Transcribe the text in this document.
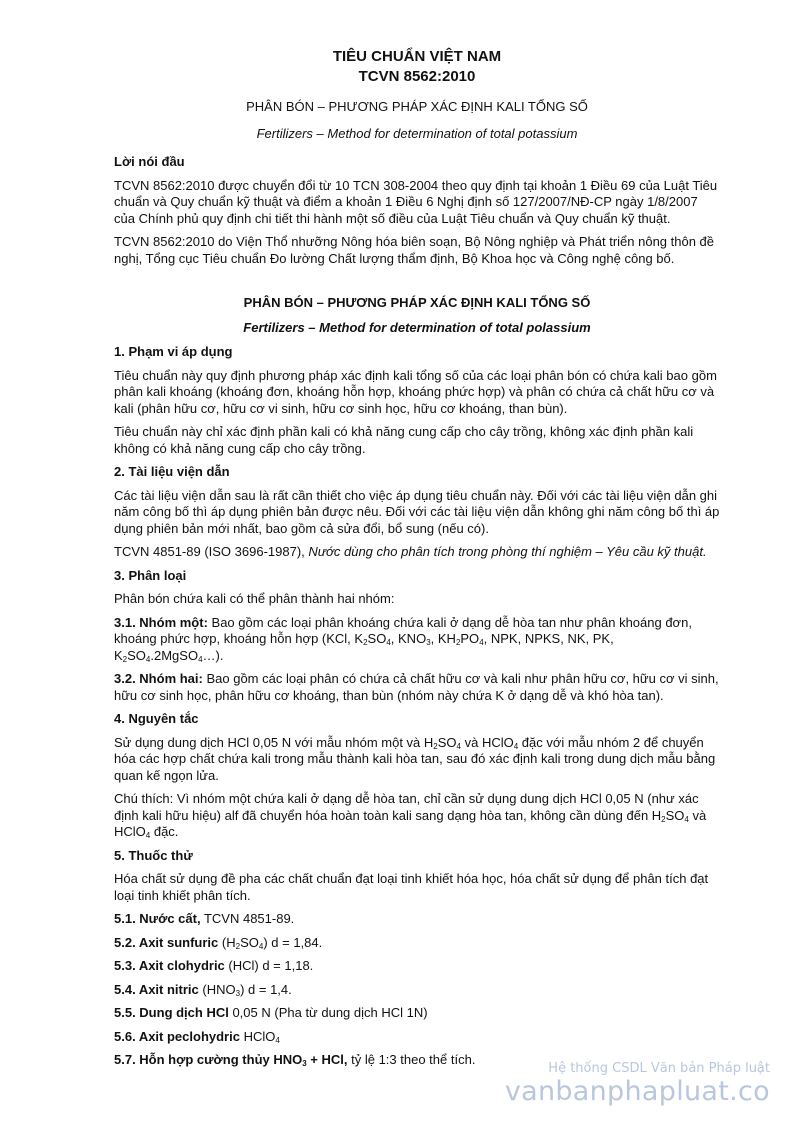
TIÊU CHUẨN VIỆT NAM
TCVN 8562:2010
PHÂN BÓN – PHƯƠNG PHÁP XÁC ĐỊNH KALI TỔNG SỐ
Fertilizers – Method for determination of total potassium
Lời nói đầu

TCVN 8562:2010 được chuyển đổi từ 10 TCN 308-2004 theo quy định tại khoản 1 Điều 69 của Luật Tiêu chuẩn và Quy chuẩn kỹ thuật và điểm a khoản 1 Điều 6 Nghị định số 127/2007/NĐ-CP ngày 1/8/2007 của Chính phủ quy định chi tiết thi hành một số điều của Luật Tiêu chuẩn và Quy chuẩn kỹ thuật.

TCVN 8562:2010 do Viện Thổ nhưỡng Nông hóa biên soạn, Bộ Nông nghiệp và Phát triển nông thôn đề nghị, Tổng cục Tiêu chuẩn Đo lường Chất lượng thẩm định, Bộ Khoa học và Công nghệ công bố.

PHÂN BÓN – PHƯƠNG PHÁP XÁC ĐỊNH KALI TỔNG SỐ
Fertilizers – Method for determination of total polassium
1. Phạm vi áp dụng

Tiêu chuẩn này quy định phương pháp xác định kali tổng số của các loại phân bón có chứa kali bao gồm phân kali khoáng (khoáng đơn, khoáng hỗn hợp, khoáng phức hợp) và phân có chứa cả chất hữu cơ và kali (phân hữu cơ, hữu cơ vi sinh, hữu cơ sinh học, hữu cơ khoáng, than bùn).

Tiêu chuẩn này chỉ xác định phần kali có khả năng cung cấp cho cây trồng, không xác định phần kali không có khả năng cung cấp cho cây trồng.

2. Tài liệu viện dẫn

Các tài liệu viện dẫn sau là rất cần thiết cho việc áp dụng tiêu chuẩn này. Đối với các tài liệu viện dẫn ghi năm công bố thì áp dụng phiên bản được nêu. Đối với các tài liệu viện dẫn không ghi năm công bố thì áp dụng phiên bản mới nhất, bao gồm cả sửa đổi, bổ sung (nếu có).

TCVN 4851-89 (ISO 3696-1987), Nước dùng cho phân tích trong phòng thí nghiệm – Yêu cầu kỹ thuật.

3. Phân loại

Phân bón chứa kali có thể phân thành hai nhóm:

3.1. Nhóm một: Bao gồm các loại phân khoáng chứa kali ở dạng dễ hòa tan như phân khoáng đơn, khoáng phức hợp, khoáng hỗn hợp (KCl, $K_2SO_4$, $KNO_3$, $KH_2PO_4$, NPK, NPKS, NK, PK, $K_2SO_4.2MgSO_4\dots$).

3.2. Nhóm hai: Bao gồm các loại phân có chứa cả chất hữu cơ và kali như phân hữu cơ, hữu cơ vi sinh, hữu cơ sinh học, phân hữu cơ khoáng, than bùn (nhóm này chứa K ở dạng dễ và khó hòa tan).

4. Nguyên tắc

Sử dụng dung dịch HCl 0,05 N với mẫu nhóm một và $H_2SO_4$ và HClO$_4$ đặc với mẫu nhóm 2 để chuyển hóa các hợp chất chứa kali trong mẫu thành kali hòa tan, sau đó xác định kali trong dung dịch mẫu bằng quan kế ngọn lửa.

Chú thích: Vì nhóm một chứa kali ở dạng dễ hòa tan, chỉ cần sử dụng dung dịch HCl 0,05 N (như xác định kali hữu hiệu) alf đã chuyển hóa hoàn toàn kali sang dạng hòa tan, không cần dùng đến $H_2SO_4$ và HClO$_4$ đặc.

5. Thuốc thử

Hóa chất sử dụng đề pha các chất chuẩn đạt loại tinh khiết hóa học, hóa chất sử dụng để phân tích đạt loại tinh khiết phân tích.

5.1. Nước cất, TCVN 4851-89.

5.2. Axit sunfuric $(H_2SO_4) d = 1,84$.

5.3. Axit clohydric (HCl) d = 1,18.

5.4. Axit nitric $(HNO_3) d = 1,4$.

5.5. Dung dịch HCl 0,05 N (Pha từ dung dịch HCl 1N)

5.6. Axit peclohydric HClO$_4$

5.7. Hỗn hợp cường thủy $HNO_3$ + HCl, tỷ lệ 1:3 theo thể tích.

Hệ thống CSDL Văn bản Pháp luật
vanbanphapluat.co
